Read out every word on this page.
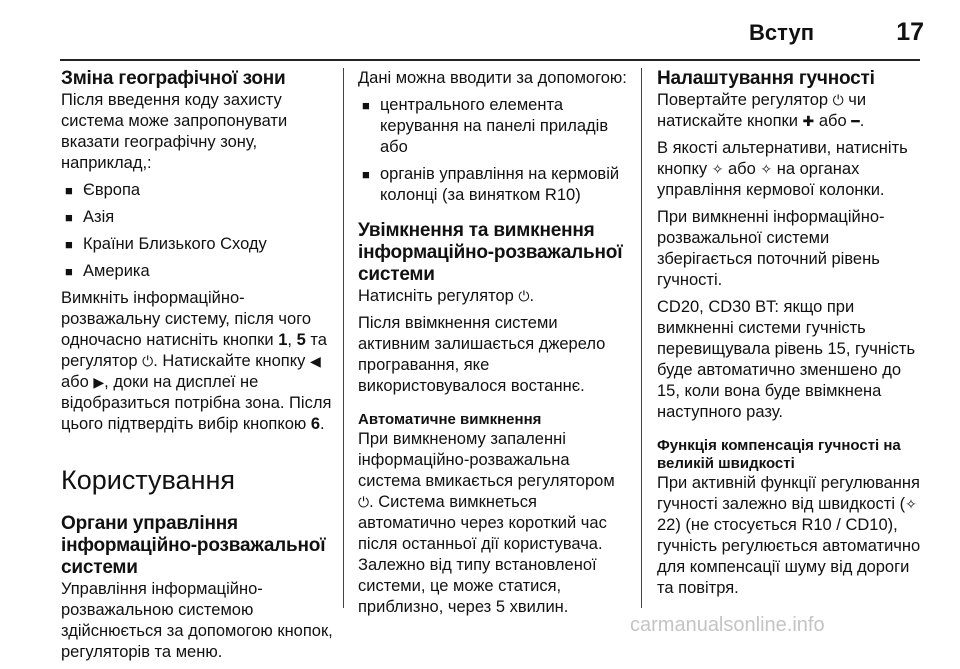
Вступ	17
Зміна географічної зони

Після введення коду захисту система може запропонувати вказати географічну зону, наприклад,:

■ Європа
■ Азія
■ Країни Близького Сходу
■ Америка

Вимкніть інформаційно-розважальну систему, після чого одночасно натисніть кнопки 1, 5 та регулятор ⏻. Натискайте кнопку ◀ або ▶, доки на дисплеї не відобразиться потрібна зона. Після цього підтвердіть вибір кнопкою 6.

Користування
Органи управління інформаційно-розважальної системи

Управління інформаційно-розважальною системою здійснюється за допомогою кнопок, регуляторів та меню.

Дані можна вводити за допомогою:

■ центрального елемента керування на панелі приладів або
■ органів управління на кермовій колонці (за винятком R10)
Увімкнення та вимкнення інформаційно-розважальної системи

Натисніть регулятор ⏻.

Після ввімкнення системи активним залишається джерело програвання, яке використовувалося востаннє.

Автоматичне вимкнення

При вимкненому запаленні інформаційно-розважальна система вмикається регулятором ⏻. Система вимкнеться автоматично через короткий час після останньої дії користувача. Залежно від типу встановленої системи, це може статися, приблизно, через 5 хвилин.

Налаштування гучності

Повертайте регулятор ⏻ чи натискайте кнопки ✚ або ━.

В якості альтернативи, натисніть кнопку ✧ або ✧ на органах управління кермової колонки.

При вимкненні інформаційно-розважальної системи зберігається поточний рівень гучності.

CD20, CD30 BT: якщо при вимкненні системи гучність перевищувала рівень 15, гучність буде автоматично зменшено до 15, коли вона буде ввімкнена наступного разу.

Функція компенсація гучності на великій швидкості

При активній функції регулювання гучності залежно від швидкості (✧ 22) (не стосується R10 / CD10), гучність регулюється автоматично для компенсації шуму від дороги та повітря.

carmanualsonline.info
